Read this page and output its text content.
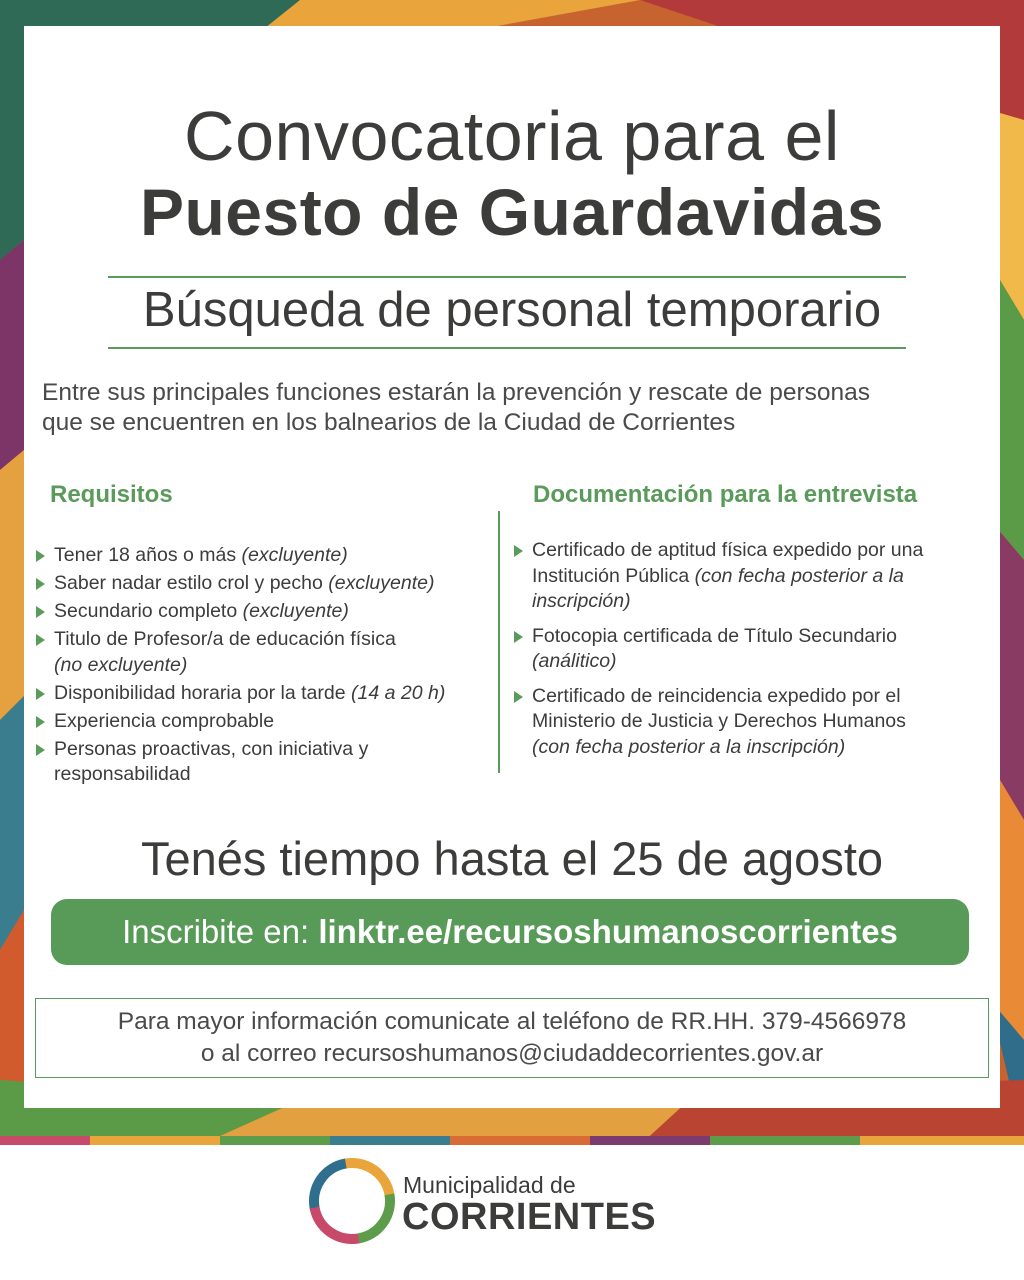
Convocatoria para el
Puesto de Guardavidas
Búsqueda de personal temporario

Entre sus principales funciones estarán la prevención y rescate de personas
que se encuentren en los balnearios de la Ciudad de Corrientes

Requisitos	Documentación para la entrevista
Tener 18 años o más (excluyente)
Saber nadar estilo crol y pecho (excluyente)
Secundario completo (excluyente)
Titulo de Profesor/a de educación física
(no excluyente)
Disponibilidad horaria por la tarde (14 a 20 h)
Experiencia comprobable
Personas proactivas, con iniciativa y responsabilidad
Certificado de aptitud física expedido por una Institución Pública (con fecha posterior a la inscripción)
Fotocopia certificada de Título Secundario
(análitico)
Certificado de reincidencia expedido por el Ministerio de Justicia y Derechos Humanos
(con fecha posterior a la inscripción)
Tenés tiempo hasta el 25 de agosto
Inscribite en: linktr.ee/recursoshumanoscorrientes
Para mayor información comunicate al teléfono de RR.HH. 379-4566978
o al correo recursoshumanos@ciudaddecorrientes.gov.ar
Municipalidad de
CORRIENTES
